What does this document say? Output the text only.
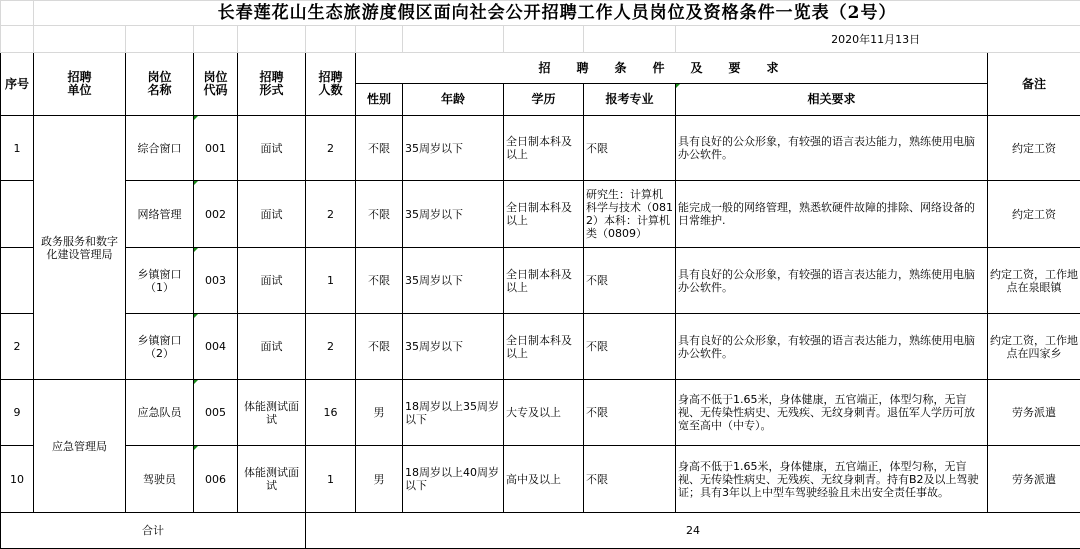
	长春莲花山生态旅游度假区面向社会公开招聘工作人员岗位及资格条件一览表（2号）										
										2020年11月13日	
序号	招聘单位	岗位名称	岗位代码	招聘形式	招聘人数	招聘条件及要求					备注
						性别	年龄	学历	报考专业	相关要求	
1	政务服务和数字化建设管理局	综合窗口	001	面试	2	不限	35周岁以下	全日制本科及以上	不限	具有良好的公众形象，有较强的语言表达能力，熟练使用电脑办公软件。	约定工资
		网络管理	002	面试	2	不限	35周岁以下	全日制本科及以上	研究生：计算机科学与技术（0812）本科：计算机类（0809）	能完成一般的网络管理，熟悉软硬件故障的排除、网络设备的日常维护.	约定工资
		乡镇窗口（1）	003	面试	1	不限	35周岁以下	全日制本科及以上	不限	具有良好的公众形象，有较强的语言表达能力，熟练使用电脑办公软件。	约定工资，工作地点在泉眼镇
2		乡镇窗口（2）	004	面试	2	不限	35周岁以下	全日制本科及以上	不限	具有良好的公众形象，有较强的语言表达能力，熟练使用电脑办公软件。	约定工资，工作地点在四家乡
9	应急管理局	应急队员	005	体能测试面试	16	男	18周岁以上35周岁以下	大专及以上	不限	身高不低于1.65米，身体健康，五官端正，体型匀称，无盲视、无传染性病史、无残疾、无纹身刺青。退伍军人学历可放宽至高中（中专）。	劳务派遣
10		驾驶员	006	体能测试面试	1	男	18周岁以上40周岁以下	高中及以上	不限	身高不低于1.65米，身体健康，五官端正，体型匀称，无盲视、无传染性病史、无残疾、无纹身刺青。持有B2及以上驾驶证；具有3年以上中型车驾驶经验且未出安全责任事故。	劳务派遣
合计					24						
